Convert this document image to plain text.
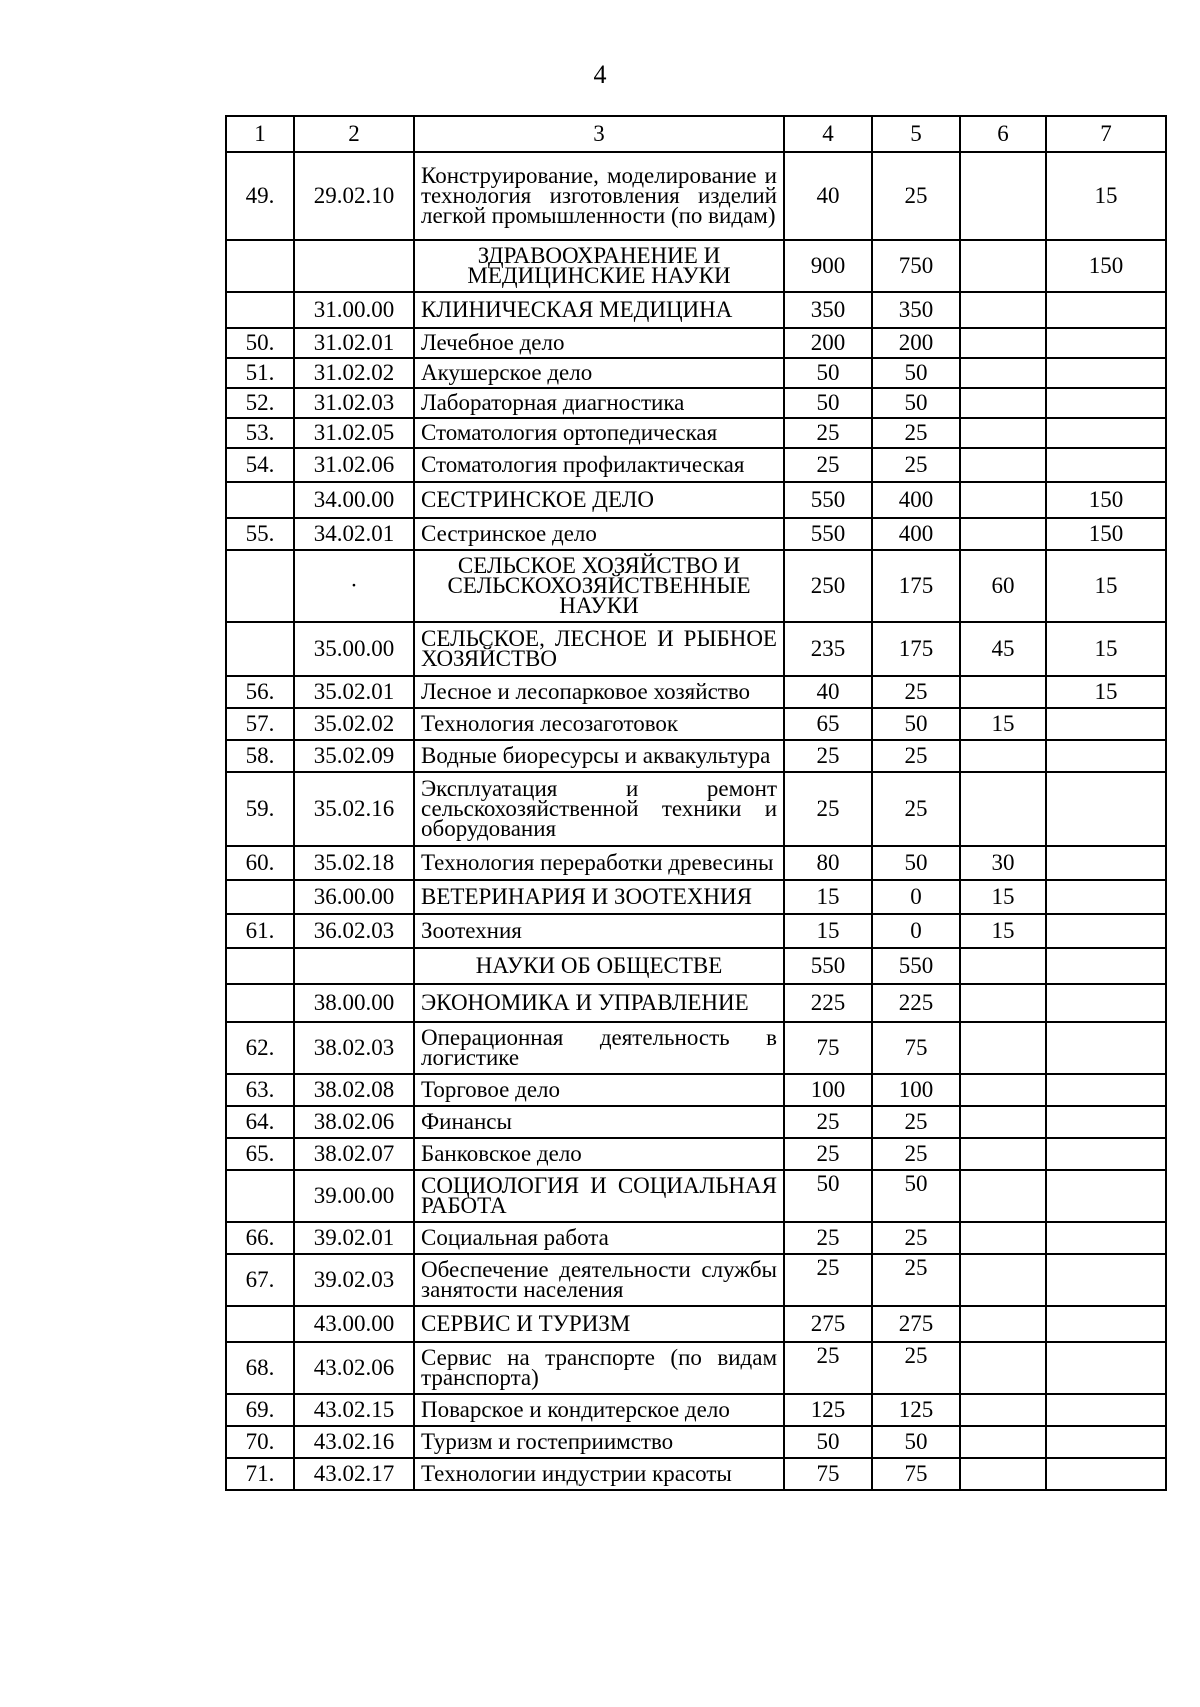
4
1	2	3	4	5	6	7
49.	29.02.10	Конструирование, моделирование и технология изготовления изделий легкой промышленности (по видам)	40	25		15
		ЗДРАВООХРАНЕНИЕ И МЕДИЦИНСКИЕ НАУКИ	900	750		150
	31.00.00	КЛИНИЧЕСКАЯ МЕДИЦИНА	350	350		
50.	31.02.01	Лечебное дело	200	200		
51.	31.02.02	Акушерское дело	50	50		
52.	31.02.03	Лабораторная диагностика	50	50		
53.	31.02.05	Стоматология ортопедическая	25	25		
54.	31.02.06	Стоматология профилактическая	25	25		
	34.00.00	СЕСТРИНСКОЕ ДЕЛО	550	400		150
55.	34.02.01	Сестринское дело	550	400		150
	·	СЕЛЬСКОЕ ХОЗЯЙСТВО И СЕЛЬСКОХОЗЯЙСТВЕННЫЕ НАУКИ	250	175	60	15
	35.00.00	СЕЛЬСКОЕ, ЛЕСНОЕ И РЫБНОЕ ХОЗЯЙСТВО	235	175	45	15
56.	35.02.01	Лесное и лесопарковое хозяйство	40	25		15
57.	35.02.02	Технология лесозаготовок	65	50	15	
58.	35.02.09	Водные биоресурсы и аквакультура	25	25		
59.	35.02.16	Эксплуатация и ремонт сельскохозяйственной техники и оборудования	25	25		
60.	35.02.18	Технология переработки древесины	80	50	30	
	36.00.00	ВЕТЕРИНАРИЯ И ЗООТЕХНИЯ	15	0	15	
61.	36.02.03	Зоотехния	15	0	15	
		НАУКИ ОБ ОБЩЕСТВЕ	550	550		
	38.00.00	ЭКОНОМИКА И УПРАВЛЕНИЕ	225	225		
62.	38.02.03	Операционная деятельность в логистике	75	75		
63.	38.02.08	Торговое дело	100	100		
64.	38.02.06	Финансы	25	25		
65.	38.02.07	Банковское дело	25	25		
	39.00.00	СОЦИОЛОГИЯ И СОЦИАЛЬНАЯ РАБОТА	50	50		
66.	39.02.01	Социальная работа	25	25		
67.	39.02.03	Обеспечение деятельности службы занятости населения	25	25		
	43.00.00	СЕРВИС И ТУРИЗМ	275	275		
68.	43.02.06	Сервис на транспорте (по видам транспорта)	25	25		
69.	43.02.15	Поварское и кондитерское дело	125	125		
70.	43.02.16	Туризм и гостеприимство	50	50		
71.	43.02.17	Технологии индустрии красоты	75	75		
